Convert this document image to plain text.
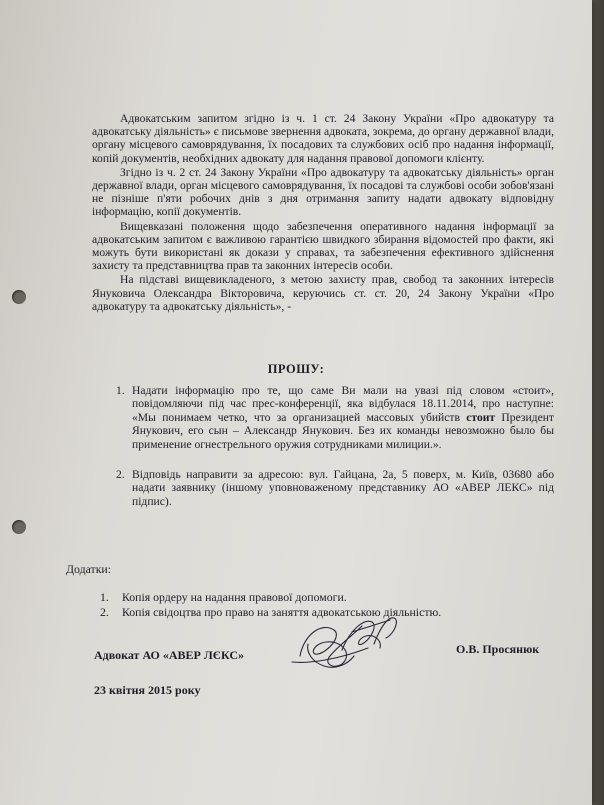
Адвокатським запитом згідно із ч. 1 ст. 24 Закону України «Про адвокатуру та адвокатську діяльність» є письмове звернення адвоката, зокрема, до органу державної влади, органу місцевого самоврядування, їх посадових та службових осіб про надання інформації, копій документів, необхідних адвокату для надання правової допомоги клієнту.

Згідно із ч. 2 ст. 24 Закону України «Про адвокатуру та адвокатську діяльність» орган державної влади, орган місцевого самоврядування, їх посадові та службові особи зобов'язані не пізніше п'яти робочих днів з дня отримання запиту надати адвокату відповідну інформацію, копії документів.

Вищевказані положення щодо забезпечення оперативного надання інформації за адвокатським запитом є важливою гарантією швидкого збирання відомостей про факти, які можуть бути використані як докази у справах, та забезпечення ефективного здійснення захисту та представництва прав та законних інтересів особи.

На підставі вищевикладеного, з метою захисту прав, свобод та законних інтересів Януковича Олександра Вікторовича, керуючись ст. ст. 20, 24 Закону України «Про адвокатуру та адвокатську діяльність», -

ПРОШУ:
1. Надати інформацію про те, що саме Ви мали на увазі під словом «стоит», повідомляючи під час прес-конференції, яка відбулася 18.11.2014, про наступне: «Мы понимаем четко, что за организацией массовых убийств стоит Президент Янукович, его сын – Александр Янукович. Без их команды невозможно было бы применение огнестрельного оружия сотрудниками милиции.».
2. Відповідь направити за адресою: вул. Гайцана, 2а, 5 поверх, м. Київ, 03680 або надати заявнику (іншому уповноваженому представнику АО «АВЕР ЛЕКС» під підпис).
Додатки:
1. Копія ордеру на надання правової допомоги.
2. Копія свідоцтва про право на заняття адвокатською діяльністю.
Адвокат АО «АВЕР ЛЄКС»	О.В. Просянюк
23 квітня 2015 року
